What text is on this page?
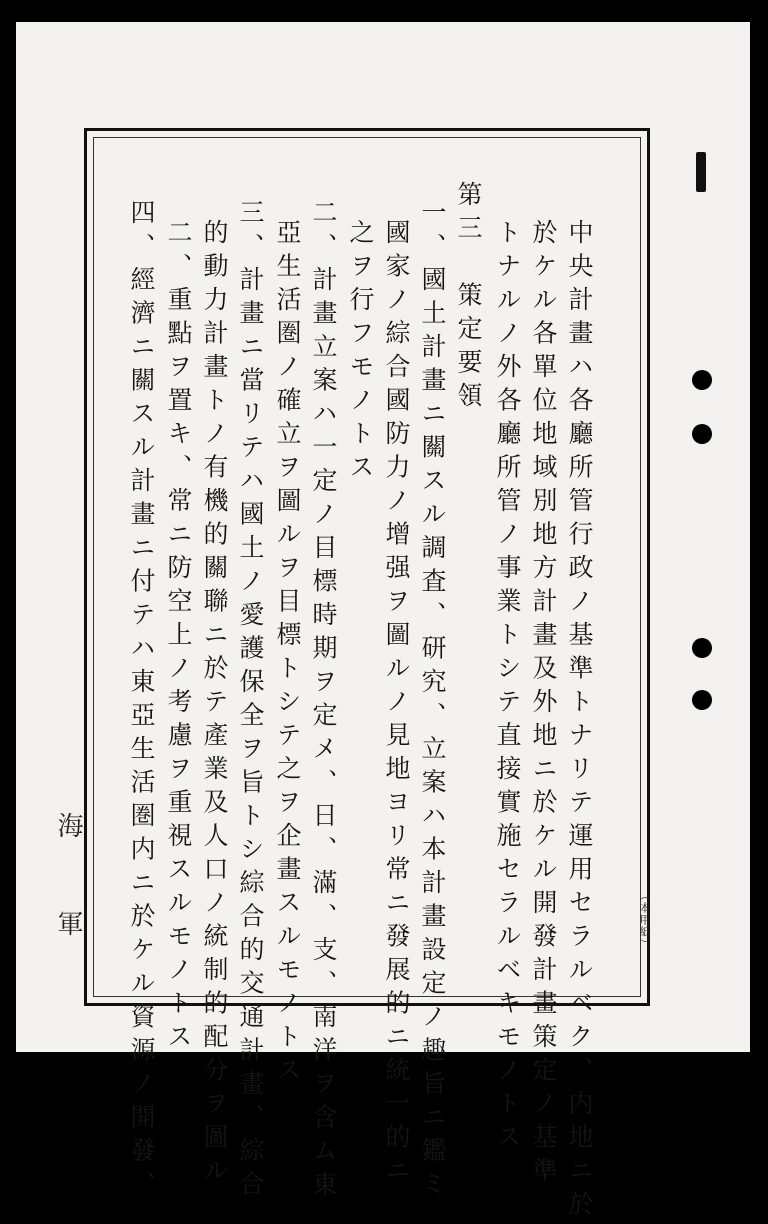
中央計畫ハ各廳所管行政ノ基準トナリテ運用セラルベク、内地ニ於
於ケル各單位地域別地方計畫及外地ニ於ケル開發計畫策定ノ基準
トナルノ外各廳所管ノ事業トシテ直接實施セラルベキモノトス
第三　策定要領
一、國土計畫ニ關スル調査、研究、立案ハ本計畫設定ノ趣旨ニ鑑ミ
國家ノ綜合國防力ノ增强ヲ圖ルノ見地ヨリ常ニ發展的ニ統一的ニ
之ヲ行フモノトス
二、計畫立案ハ一定ノ目標時期ヲ定メ、日、滿、支、南洋ヲ含ム東
亞生活圏ノ確立ヲ圖ルヲ目標トシテ之ヲ企畫スルモノトス
三、計畫ニ當リテハ國土ノ愛護保全ヲ旨トシ綜合的交通計畫、綜合
的動力計畫トノ有機的關聯ニ於テ產業及人口ノ統制的配分ヲ圖ル
二、重點ヲ置キ、常ニ防空上ノ考慮ヲ重視スルモノトス
四、經濟ニ關スル計畫ニ付テハ東亞生活圏内ニ於ケル資源ノ開發、
海
軍	（本用紙）
